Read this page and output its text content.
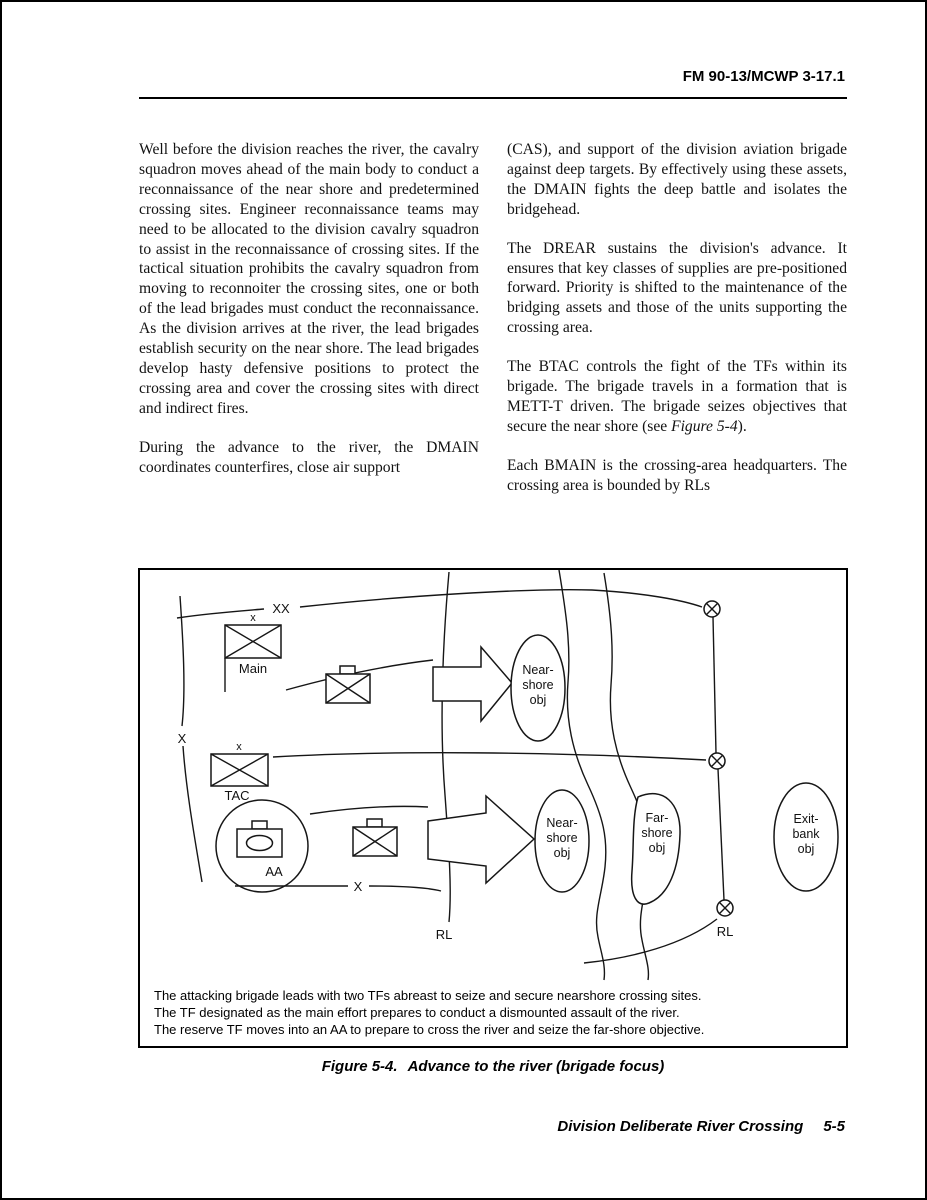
FM 90-13/MCWP 3-17.1

Well before the division reaches the river, the cavalry squadron moves ahead of the main body to conduct a reconnaissance of the near shore and predetermined crossing sites. Engineer reconnaissance teams may need to be allocated to the division cavalry squadron to assist in the reconnaissance of crossing sites. If the tactical situation prohibits the cavalry squadron from moving to reconnoiter the crossing sites, one or both of the lead brigades must conduct the reconnaissance. As the division arrives at the river, the lead brigades establish security on the near shore. The lead brigades develop hasty defensive positions to protect the crossing area and cover the crossing sites with direct and indirect fires.

During the advance to the river, the DMAIN coordinates counterfires, close air support

(CAS), and support of the division aviation brigade against deep targets. By effectively using these assets, the DMAIN fights the deep battle and isolates the bridgehead.

The DREAR sustains the division's advance. It ensures that key classes of supplies are pre-positioned forward. Priority is shifted to the maintenance of the bridging assets and those of the units supporting the crossing area.

The BTAC controls the fight of the TFs within its brigade. The brigade travels in a formation that is METT-T driven. The brigade seizes objectives that secure the near shore (see Figure 5-4).

Each BMAIN is the crossing-area headquarters. The crossing area is bounded by RLs

XX
X
X
x
Main
x
TAC
AA
RL	RL
Near-
shore
obj
Near-
shore
obj
Far-
shore
obj
Exit-
bank
obj
The attacking brigade leads with two TFs abreast to seize and secure nearshore crossing sites.
The TF designated as the main effort prepares to conduct a dismounted assault of the river.
The reserve TF moves into an AA to prepare to cross the river and seize the far-shore objective.
Figure 5-4. Advance to the river (brigade focus)
Division Deliberate River Crossing 5-5
